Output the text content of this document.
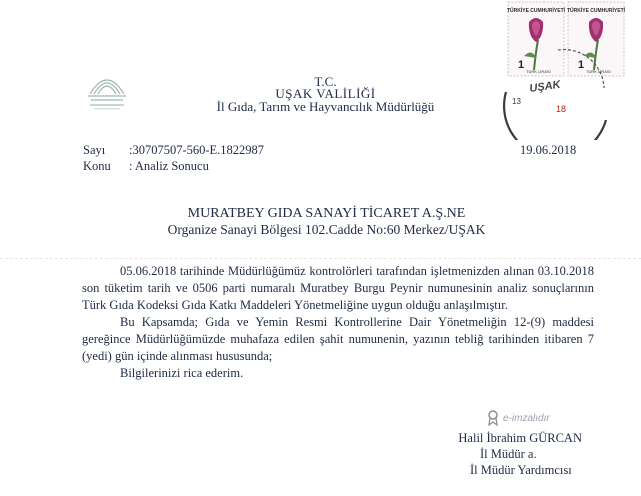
T.C.
UŞAK VALİLİĞİ
İl Gıda, Tarım ve Hayvancılık Müdürlüğü
Sayı :30707507-560-E.1822987	19.06.2018
Konu : Analiz Sonucu
MURATBEY GIDA SANAYİ TİCARET A.Ş.NE
Organize Sanayi Bölgesi 102.Cadde No:60 Merkez/UŞAK

05.06.2018 tarihinde Müdürlüğümüz kontrolörleri tarafından işletmenizden alınan 03.10.2018 son tüketim tarih ve 0506 parti numaralı Muratbey Burgu Peynir numunesinin analiz sonuçlarının Türk Gıda Kodeksi Gıda Katkı Maddeleri Yönetmeliğine uygun olduğu anlaşılmıştır.

Bu Kapsamda; Gıda ve Yemin Resmi Kontrollerine Dair Yönetmeliğin 12-(9) maddesi gereğince Müdürlüğümüzde muhafaza edilen şahit numunenin, yazının tebliğ tarihinden itibaren 7 (yedi) gün içinde alınması hususunda;

Bilgilerinizi rica ederim.

e-imzalıdır
Halil İbrahim GÜRCAN
İl Müdür a.
İl Müdür Yardımcısı
TÜRKİYE CUMHURİYETİ
1
TÜRK LİRASI
TÜRKİYE CUMHURİYETİ
1
TÜRK LİRASI
UŞAK
18
13
